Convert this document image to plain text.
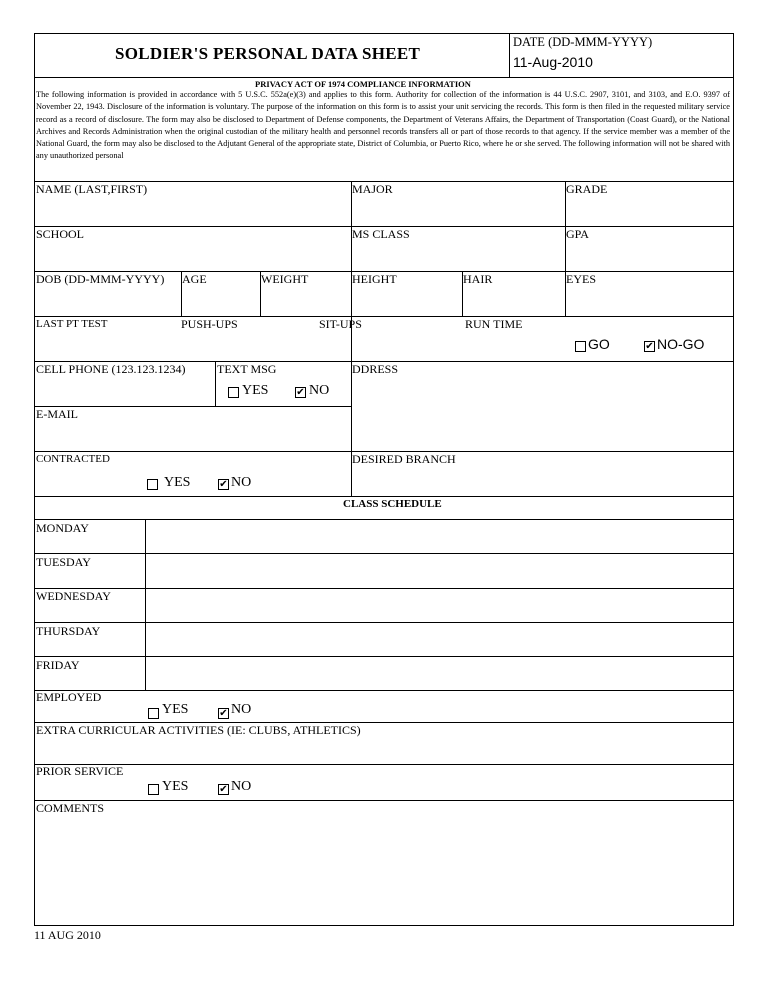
SOLDIER'S PERSONAL DATA SHEET
DATE (DD-MMM-YYYY)
11-Aug-2010
PRIVACY ACT OF 1974 COMPLIANCE INFORMATION
The following information is provided in accordance with 5 U.S.C. 552a(e)(3) and applies to this form. Authority for collection of the information is 44 U.S.C. 2907, 3101, and 3103, and E.O. 9397 of November 22, 1943. Disclosure of the information is voluntary. The purpose of the information on this form is to assist your unit servicing the records. This form is then filed in the requested military service record as a record of disclosure. The form may also be disclosed to Department of Defense components, the Department of Veterans Affairs, the Department of Transportation (Coast Guard), or the National Archives and Records Administration when the original custodian of the military health and personnel records transfers all or part of those records to that agency. If the service member was a member of the National Guard, the form may also be disclosed to the Adjutant General of the appropriate state, District of Columbia, or Puerto Rico, where he or she served. The following information will not be shared with any unauthorized personal
NAME (LAST,FIRST)	MAJOR	GRADE
SCHOOL	MS CLASS	GPA
DOB (DD-MMM-YYYY) AGE	WEIGHT	HEIGHT	HAIR	EYES
LAST PT TEST	PUSH-UPS	SIT-UPS	RUN TIME
GO	✔ NO-GO
CELL PHONE (123.123.1234)	TEXT MSG
YES	✔ NO
DDRESS
E-MAIL
CONTRACTED
YES	✔ NO
DESIRED BRANCH
CLASS SCHEDULE
MONDAY
TUESDAY
WEDNESDAY
THURSDAY
FRIDAY
EMPLOYED
YES	✔ NO
EXTRA CURRICULAR ACTIVITIES (IE: CLUBS, ATHLETICS)
PRIOR SERVICE
YES	✔ NO
COMMENTS
11 AUG 2010
